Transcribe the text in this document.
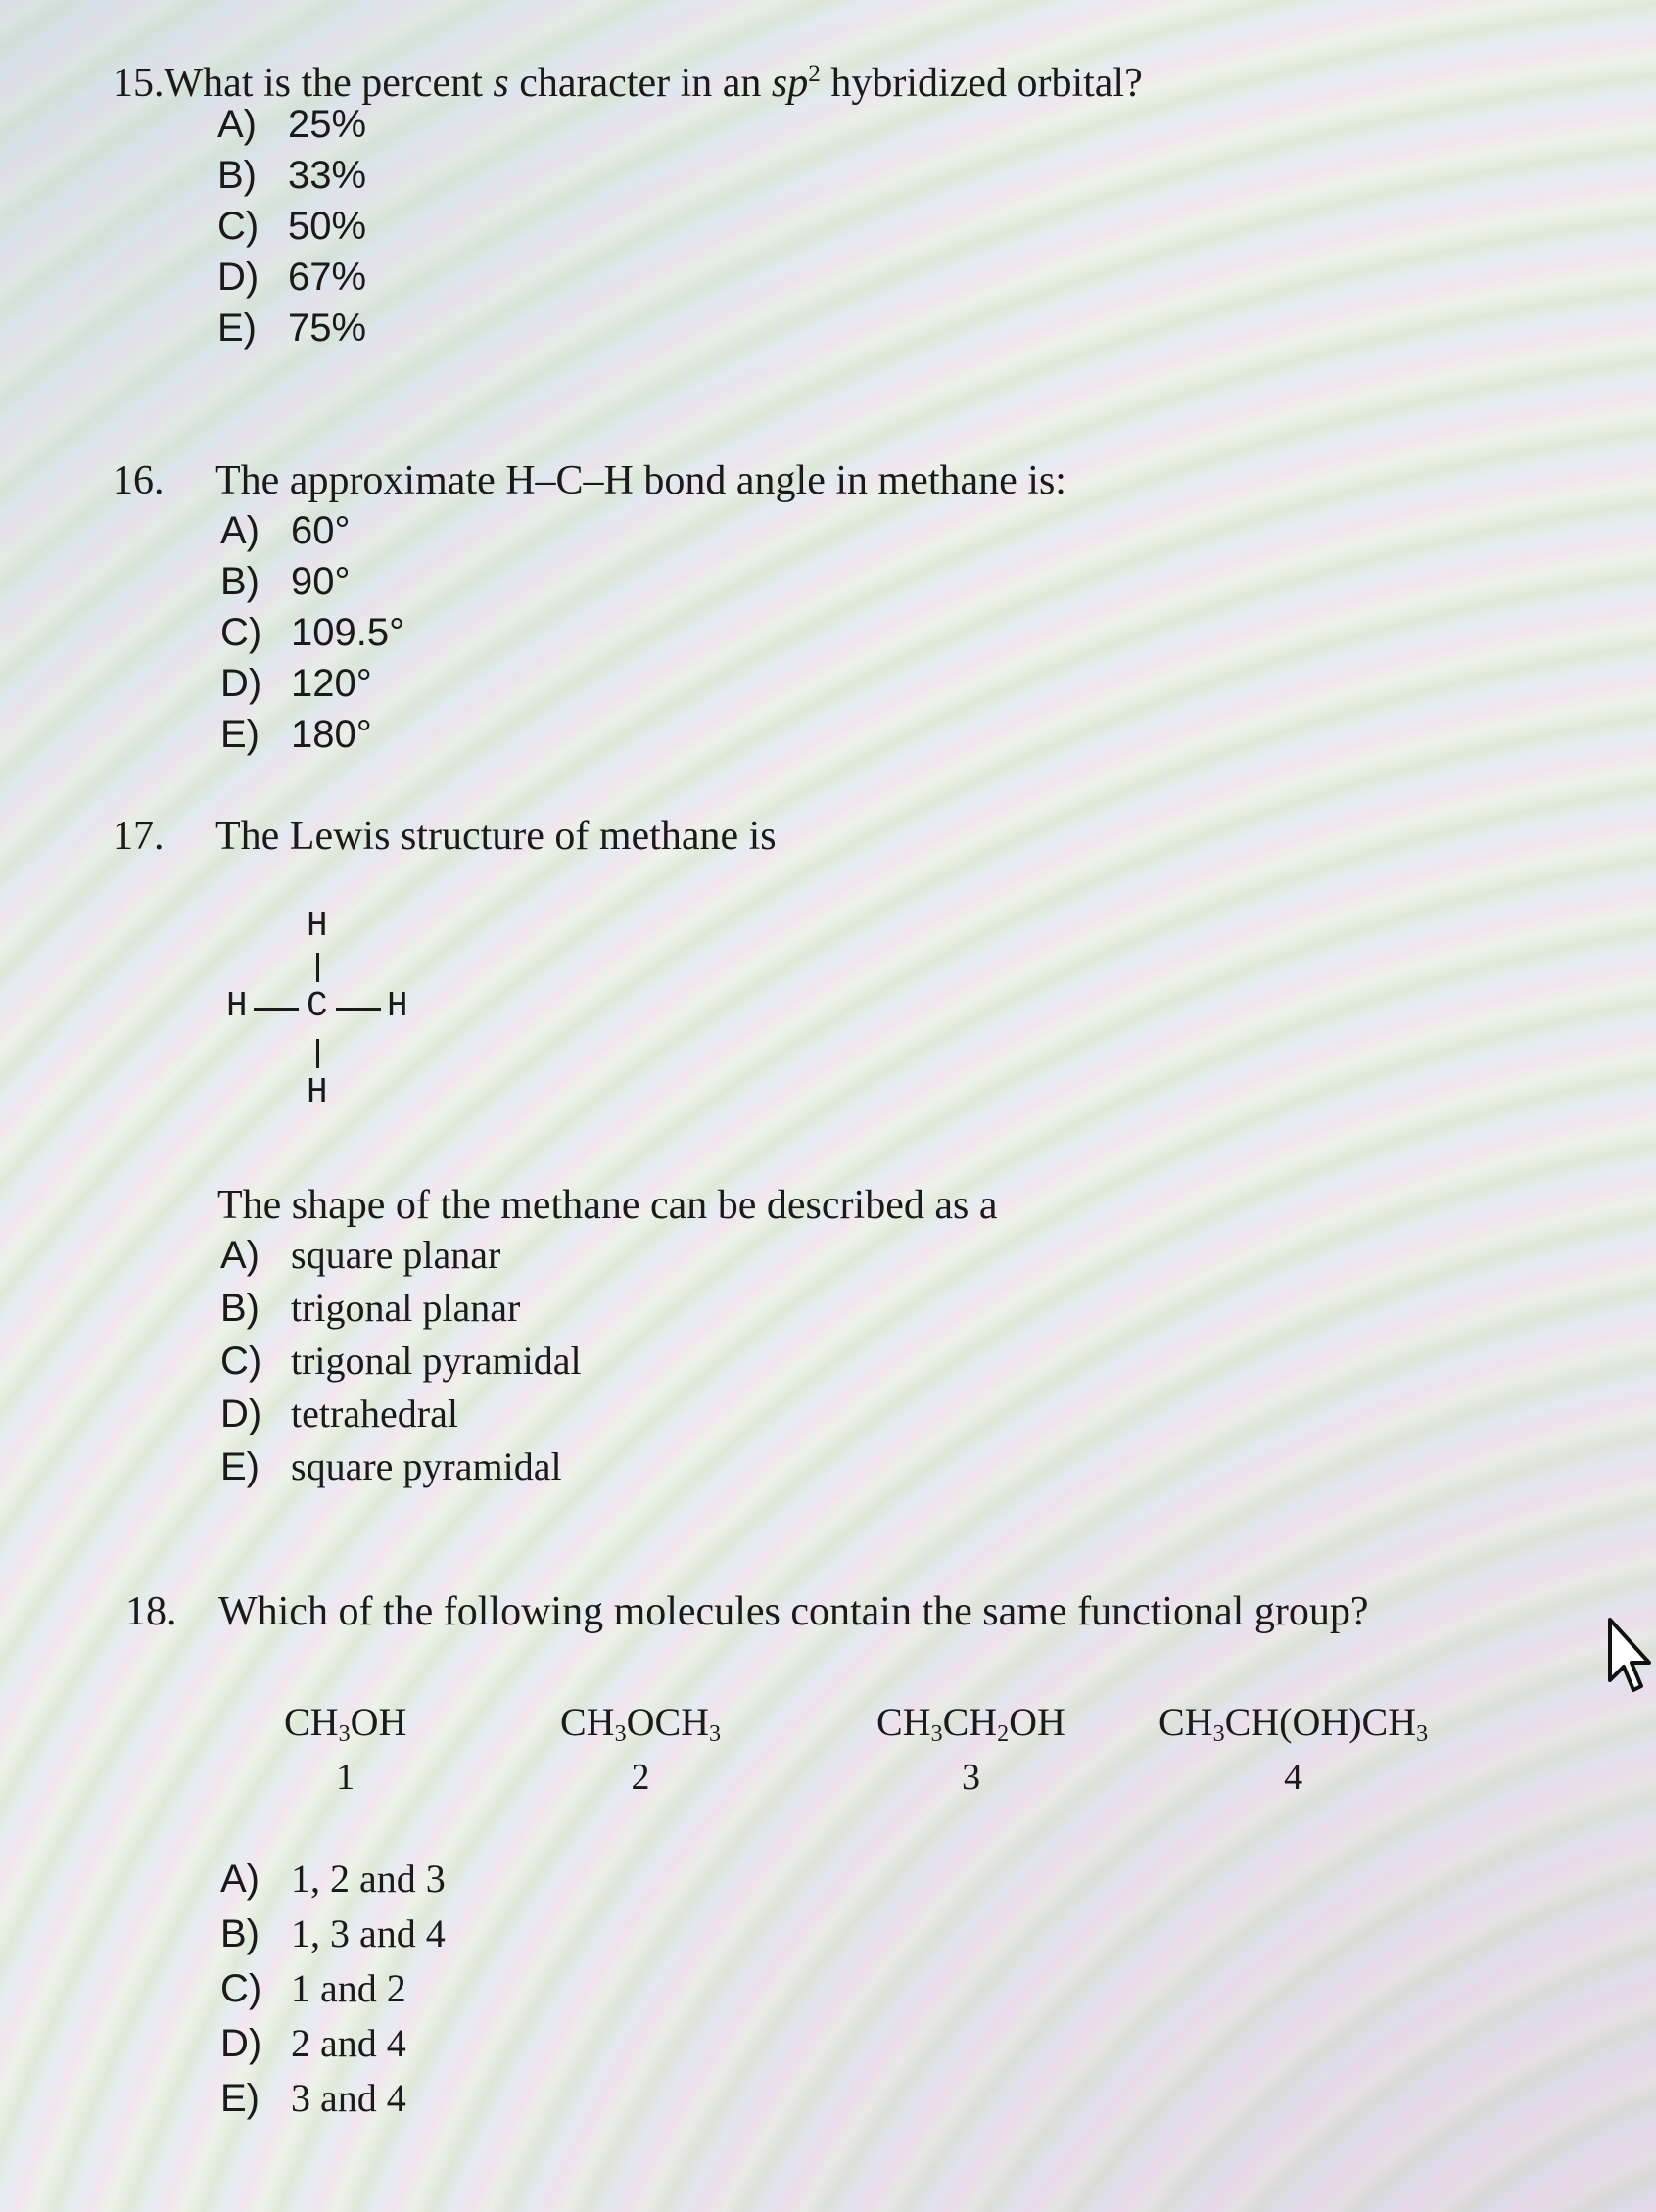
15.What is the percent s character in an $sp^2$ hybridized orbital?
A) 25%
B) 33%
C) 50%
D) 67%
E) 75%
16. The approximate H–C–H bond angle in methane is:
A) 60°
B) 90°
C) 109.5°
D) 120°
E) 180°
17. The Lewis structure of methane is
H
H C H
H
The shape of the methane can be described as a
A) square planar
B) trigonal planar
C) trigonal pyramidal
D) tetrahedral
E) square pyramidal
18. Which of the following molecules contain the same functional group?
$CH_3OH$
1
$CH_3OCH_3$
2
$CH_3CH_2OH$
3
$CH_3CH(OH)CH_3$
4
A) 1, 2 and 3
B) 1, 3 and 4
C) 1 and 2
D) 2 and 4
E) 3 and 4
